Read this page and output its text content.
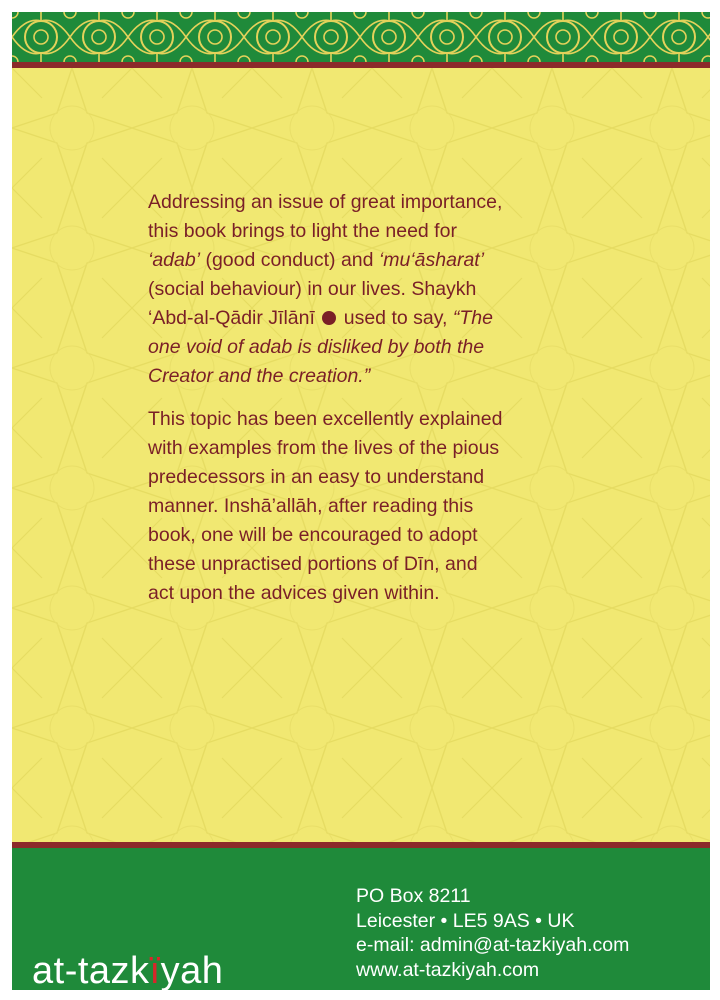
Addressing an issue of great importance,
this book brings to light the need for
‘adab’ (good conduct) and ‘mu‘āsharat’
(social behaviour) in our lives. Shaykh
‘Abd-al-Qādir Jīlānī  used to say, “The
one void of adab is disliked by both the
Creator and the creation.”

This topic has been excellently explained
with examples from the lives of the pious
predecessors in an easy to understand
manner. Inshā’allāh, after reading this
book, one will be encouraged to adopt
these unpractised portions of Dīn, and
act upon the advices given within.

at-tazkïyah
PO Box 8211
Leicester • LE5 9AS • UK
e-mail: admin@at-tazkiyah.com
www.at-tazkiyah.com
